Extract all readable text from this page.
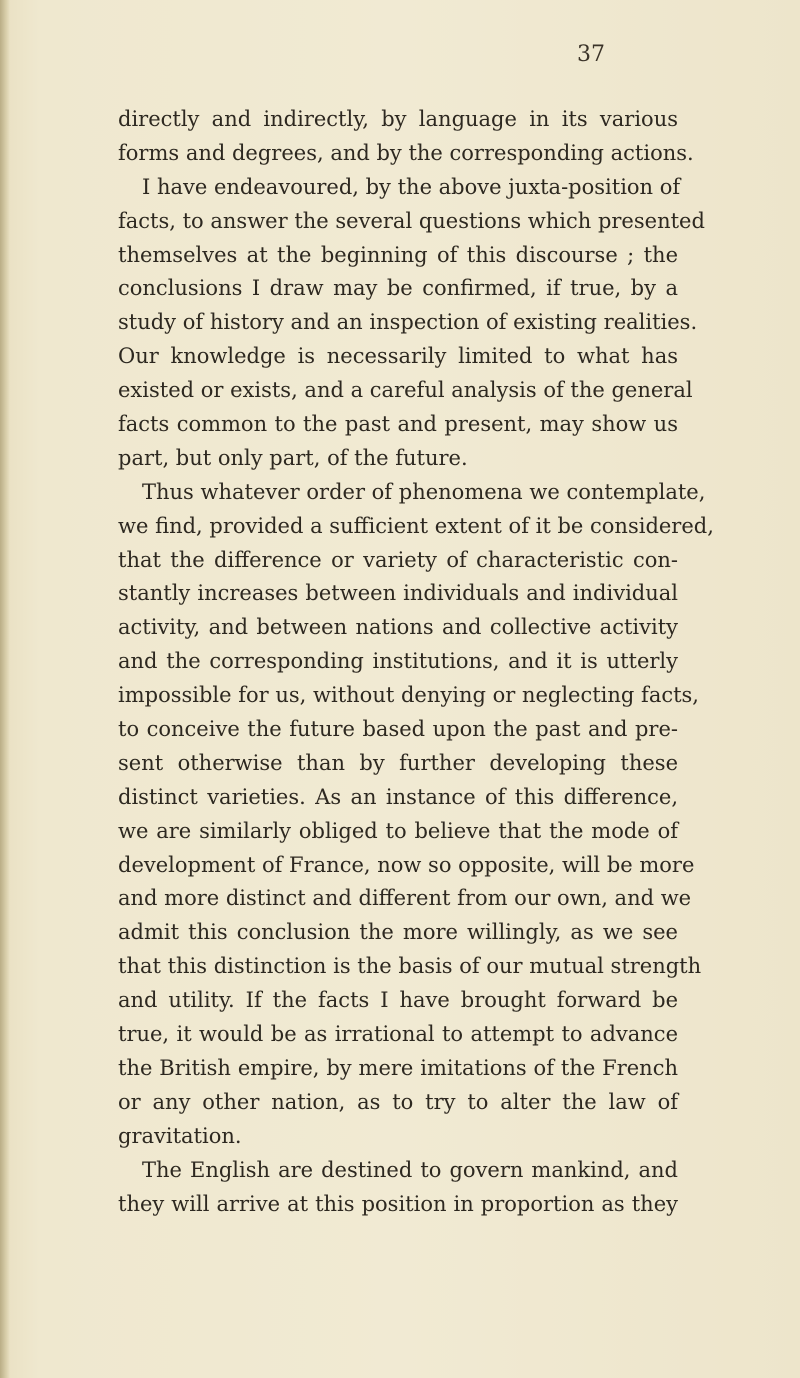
37

directly and indirectly, by language in its various
forms and degrees, and by the corresponding actions.
I have endeavoured, by the above juxta-position of
facts, to answer the several questions which presented
themselves at the beginning of this discourse ; the
conclusions I draw may be confirmed, if true, by a
study of history and an inspection of existing realities.
Our knowledge is necessarily limited to what has
existed or exists, and a careful analysis of the general
facts common to the past and present, may show us
part, but only part, of the future.
Thus whatever order of phenomena we contemplate,
we find, provided a sufficient extent of it be considered,
that the difference or variety of characteristic con-
stantly increases between individuals and individual
activity, and between nations and collective activity
and the corresponding institutions, and it is utterly
impossible for us, without denying or neglecting facts,
to conceive the future based upon the past and pre-
sent otherwise than by further developing these
distinct varieties. As an instance of this difference,
we are similarly obliged to believe that the mode of
development of France, now so opposite, will be more
and more distinct and different from our own, and we
admit this conclusion the more willingly, as we see
that this distinction is the basis of our mutual strength
and utility. If the facts I have brought forward be
true, it would be as irrational to attempt to advance
the British empire, by mere imitations of the French
or any other nation, as to try to alter the law of
gravitation.
The English are destined to govern mankind, and
they will arrive at this position in proportion as they
